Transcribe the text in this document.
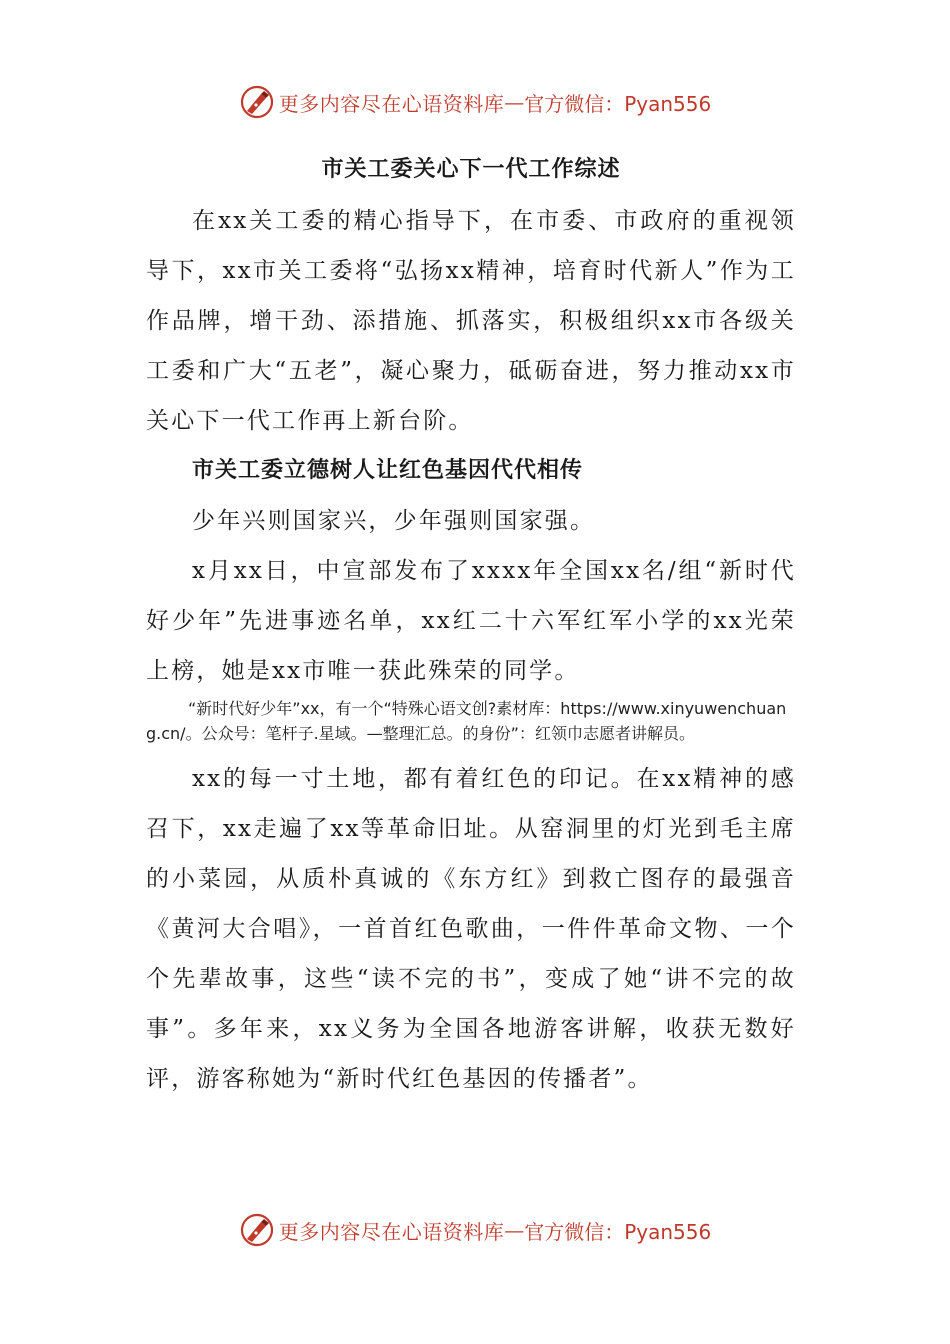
更多内容尽在心语资料库 — 官方微信：Pyan556
市关工委关心下一代工作综述

在xx关工委的精心指导下，在市委、市政府的重视领导下，xx市关工委将“弘扬xx精神，培育时代新人”作为工作品牌，增干劲、添措施、抓落实，积极组织xx市各级关工委和广大“五老”，凝心聚力，砥砺奋进，努力推动xx市关心下一代工作再上新台阶。

市关工委立德树人让红色基因代代相传

少年兴则国家兴，少年强则国家强。

x月xx日，中宣部发布了xxxx年全国xx名/组“新时代好少年”先进事迹名单，xx红二十六军红军小学的xx光荣上榜，她是xx市唯一获此殊荣的同学。

“新时代好少年”xx，有一个“特殊心语文创?素材库：https://www.xinyuwenchuang.cn/。公众号：笔杆子.星域。—整理汇总。的身份”：红领巾志愿者讲解员。

xx的每一寸土地，都有着红色的印记。在xx精神的感召下，xx走遍了xx等革命旧址。从窑洞里的灯光到毛主席的小菜园，从质朴真诚的《东方红》到救亡图存的最强音《黄河大合唱》，一首首红色歌曲，一件件革命文物、一个个先辈故事，这些“读不完的书”，变成了她“讲不完的故事”。多年来，xx义务为全国各地游客讲解，收获无数好评，游客称她为“新时代红色基因的传播者”。

更多内容尽在心语资料库 — 官方微信：Pyan556
